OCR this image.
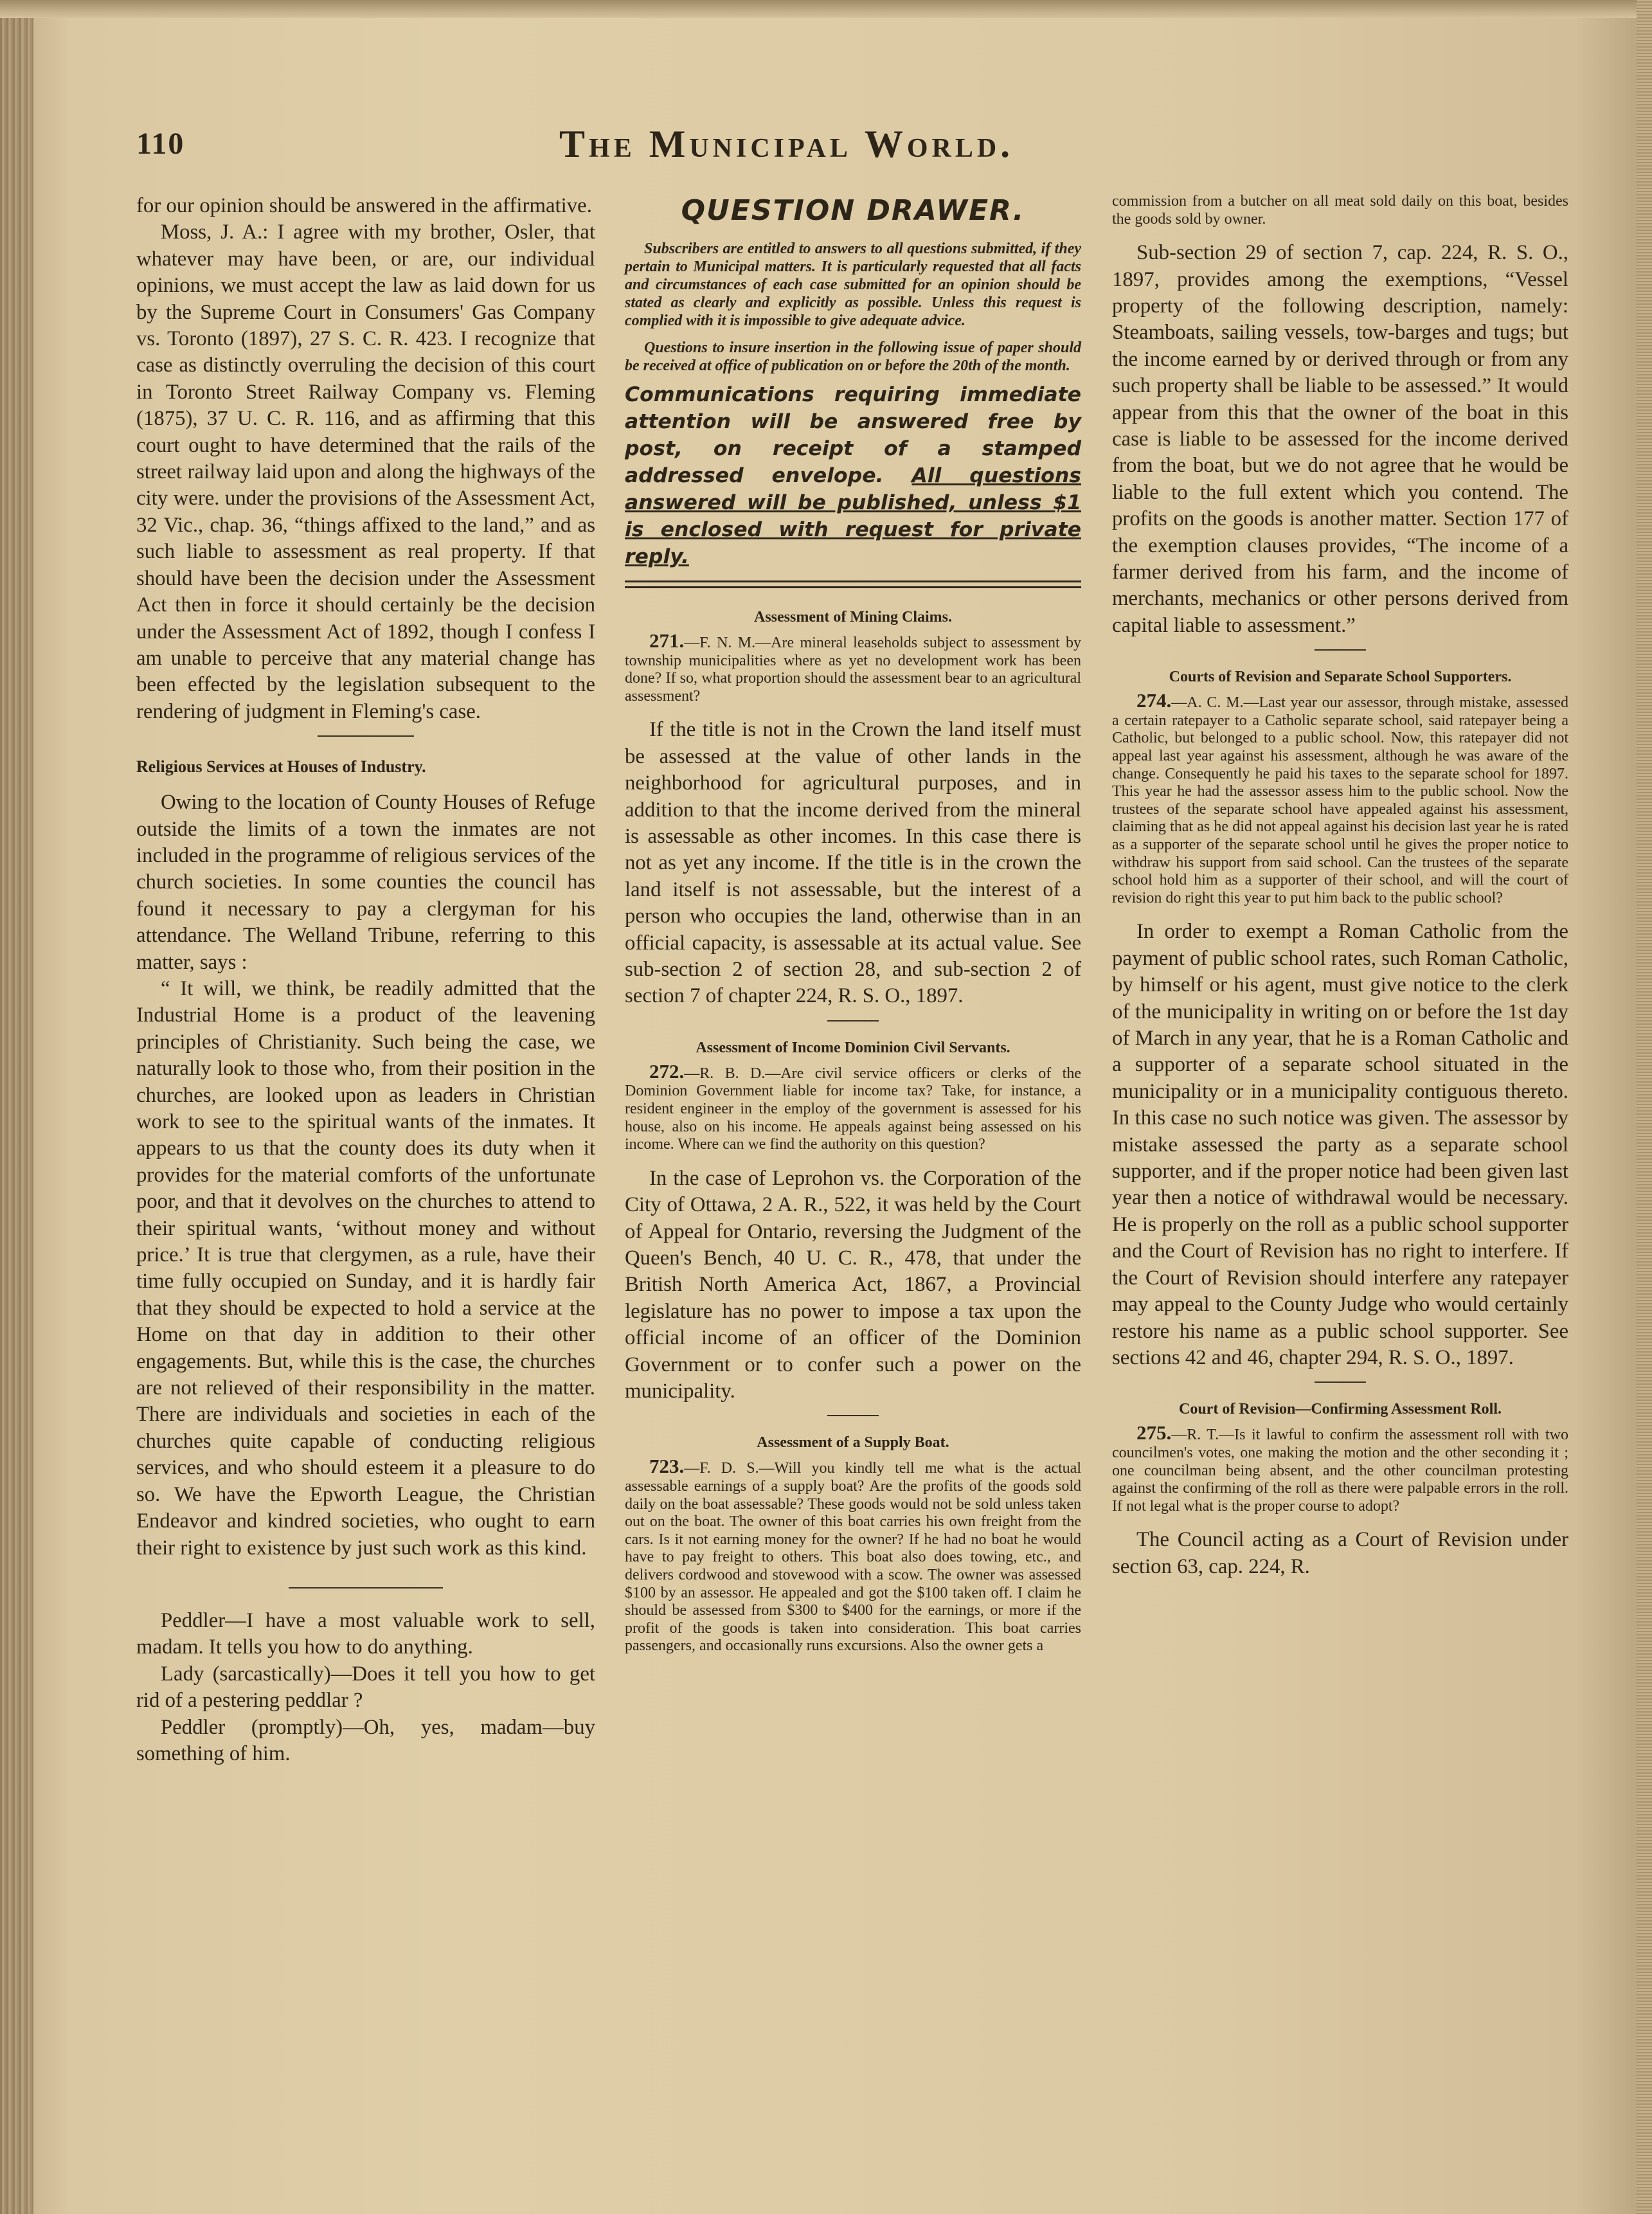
110	The Municipal World.

for our opinion should be answered in the affirmative.

Moss, J. A.: I agree with my brother, Osler, that whatever may have been, or are, our individual opinions, we must accept the law as laid down for us by the Supreme Court in Consumers' Gas Company vs. Toronto (1897), 27 S. C. R. 423. I recognize that case as distinctly overruling the decision of this court in Toronto Street Railway Company vs. Fleming (1875), 37 U. C. R. 116, and as affirming that this court ought to have determined that the rails of the street railway laid upon and along the highways of the city were. under the provisions of the Assessment Act, 32 Vic., chap. 36, “things affixed to the land,” and as such liable to assessment as real property. If that should have been the decision under the Assessment Act then in force it should certainly be the decision under the Assessment Act of 1892, though I confess I am unable to perceive that any material change has been effected by the legislation subsequent to the rendering of judgment in Fleming's case.

Religious Services at Houses of Industry.

Owing to the location of County Houses of Refuge outside the limits of a town the inmates are not included in the programme of religious services of the church societies. In some counties the council has found it necessary to pay a clergyman for his attendance. The Welland Tribune, referring to this matter, says :

“ It will, we think, be readily admitted that the Industrial Home is a product of the leavening principles of Christianity. Such being the case, we naturally look to those who, from their position in the churches, are looked upon as leaders in Christian work to see to the spiritual wants of the inmates. It appears to us that the county does its duty when it provides for the material comforts of the unfortunate poor, and that it devolves on the churches to attend to their spiritual wants, ‘without money and without price.’ It is true that clergymen, as a rule, have their time fully occupied on Sunday, and it is hardly fair that they should be expected to hold a service at the Home on that day in addition to their other engagements. But, while this is the case, the churches are not relieved of their responsibility in the matter. There are individuals and societies in each of the churches quite capable of conducting religious services, and who should esteem it a pleasure to do so. We have the Epworth League, the Christian Endeavor and kindred societies, who ought to earn their right to existence by just such work as this kind.

Peddler—I have a most valuable work to sell, madam. It tells you how to do anything.

Lady (sarcastically)—Does it tell you how to get rid of a pestering peddlar ?

Peddler (promptly)—Oh, yes, madam—buy something of him.

QUESTION DRAWER.

Subscribers are entitled to answers to all questions submitted, if they pertain to Municipal matters. It is particularly requested that all facts and circumstances of each case submitted for an opinion should be stated as clearly and explicitly as possible. Unless this request is complied with it is impossible to give adequate advice.

Questions to insure insertion in the following issue of paper should be received at office of publication on or before the 20th of the month.

Communications requiring immediate attention will be answered free by post, on receipt of a stamped addressed envelope. All questions answered will be published, unless $1 is enclosed with request for private reply.

Assessment of Mining Claims.

271.—F. N. M.—Are mineral leaseholds subject to assessment by township municipalities where as yet no development work has been done? If so, what proportion should the assessment bear to an agricultural assessment?

If the title is not in the Crown the land itself must be assessed at the value of other lands in the neighborhood for agricultural purposes, and in addition to that the income derived from the mineral is assessable as other incomes. In this case there is not as yet any income. If the title is in the crown the land itself is not assessable, but the interest of a person who occupies the land, otherwise than in an official capacity, is assessable at its actual value. See sub-section 2 of section 28, and sub-section 2 of section 7 of chapter 224, R. S. O., 1897.

Assessment of Income Dominion Civil Servants.

272.—R. B. D.—Are civil service officers or clerks of the Dominion Government liable for income tax? Take, for instance, a resident engineer in the employ of the government is assessed for his house, also on his income. He appeals against being assessed on his income. Where can we find the authority on this question?

In the case of Leprohon vs. the Corporation of the City of Ottawa, 2 A. R., 522, it was held by the Court of Appeal for Ontario, reversing the Judgment of the Queen's Bench, 40 U. C. R., 478, that under the British North America Act, 1867, a Provincial legislature has no power to impose a tax upon the official income of an officer of the Dominion Government or to confer such a power on the municipality.

Assessment of a Supply Boat.

723.—F. D. S.—Will you kindly tell me what is the actual assessable earnings of a supply boat? Are the profits of the goods sold daily on the boat assessable? These goods would not be sold unless taken out on the boat. The owner of this boat carries his own freight from the cars. Is it not earning money for the owner? If he had no boat he would have to pay freight to others. This boat also does towing, etc., and delivers cordwood and stovewood with a scow. The owner was assessed $100 by an assessor. He appealed and got the $100 taken off. I claim he should be assessed from $300 to $400 for the earnings, or more if the profit of the goods is taken into consideration. This boat carries passengers, and occasionally runs excursions. Also the owner gets a

commission from a butcher on all meat sold daily on this boat, besides the goods sold by owner.

Sub-section 29 of section 7, cap. 224, R. S. O., 1897, provides among the exemptions, “Vessel property of the following description, namely: Steamboats, sailing vessels, tow-barges and tugs; but the income earned by or derived through or from any such property shall be liable to be assessed.” It would appear from this that the owner of the boat in this case is liable to be assessed for the income derived from the boat, but we do not agree that he would be liable to the full extent which you contend. The profits on the goods is another matter. Section 177 of the exemption clauses provides, “The income of a farmer derived from his farm, and the income of merchants, mechanics or other persons derived from capital liable to assessment.”

Courts of Revision and Separate School Supporters.

274.—A. C. M.—Last year our assessor, through mistake, assessed a certain ratepayer to a Catholic separate school, said ratepayer being a Catholic, but belonged to a public school. Now, this ratepayer did not appeal last year against his assessment, although he was aware of the change. Consequently he paid his taxes to the separate school for 1897. This year he had the assessor assess him to the public school. Now the trustees of the separate school have appealed against his assessment, claiming that as he did not appeal against his decision last year he is rated as a supporter of the separate school until he gives the proper notice to withdraw his support from said school. Can the trustees of the separate school hold him as a supporter of their school, and will the court of revision do right this year to put him back to the public school?

In order to exempt a Roman Catholic from the payment of public school rates, such Roman Catholic, by himself or his agent, must give notice to the clerk of the municipality in writing on or before the 1st day of March in any year, that he is a Roman Catholic and a supporter of a separate school situated in the municipality or in a municipality contiguous thereto. In this case no such notice was given. The assessor by mistake assessed the party as a separate school supporter, and if the proper notice had been given last year then a notice of withdrawal would be necessary. He is properly on the roll as a public school supporter and the Court of Revision has no right to interfere. If the Court of Revision should interfere any ratepayer may appeal to the County Judge who would certainly restore his name as a public school supporter. See sections 42 and 46, chapter 294, R. S. O., 1897.

Court of Revision—Confirming Assessment Roll.

275.—R. T.—Is it lawful to confirm the assessment roll with two councilmen's votes, one making the motion and the other seconding it ; one councilman being absent, and the other councilman protesting against the confirming of the roll as there were palpable errors in the roll. If not legal what is the proper course to adopt?

The Council acting as a Court of Revision under section 63, cap. 224, R.
